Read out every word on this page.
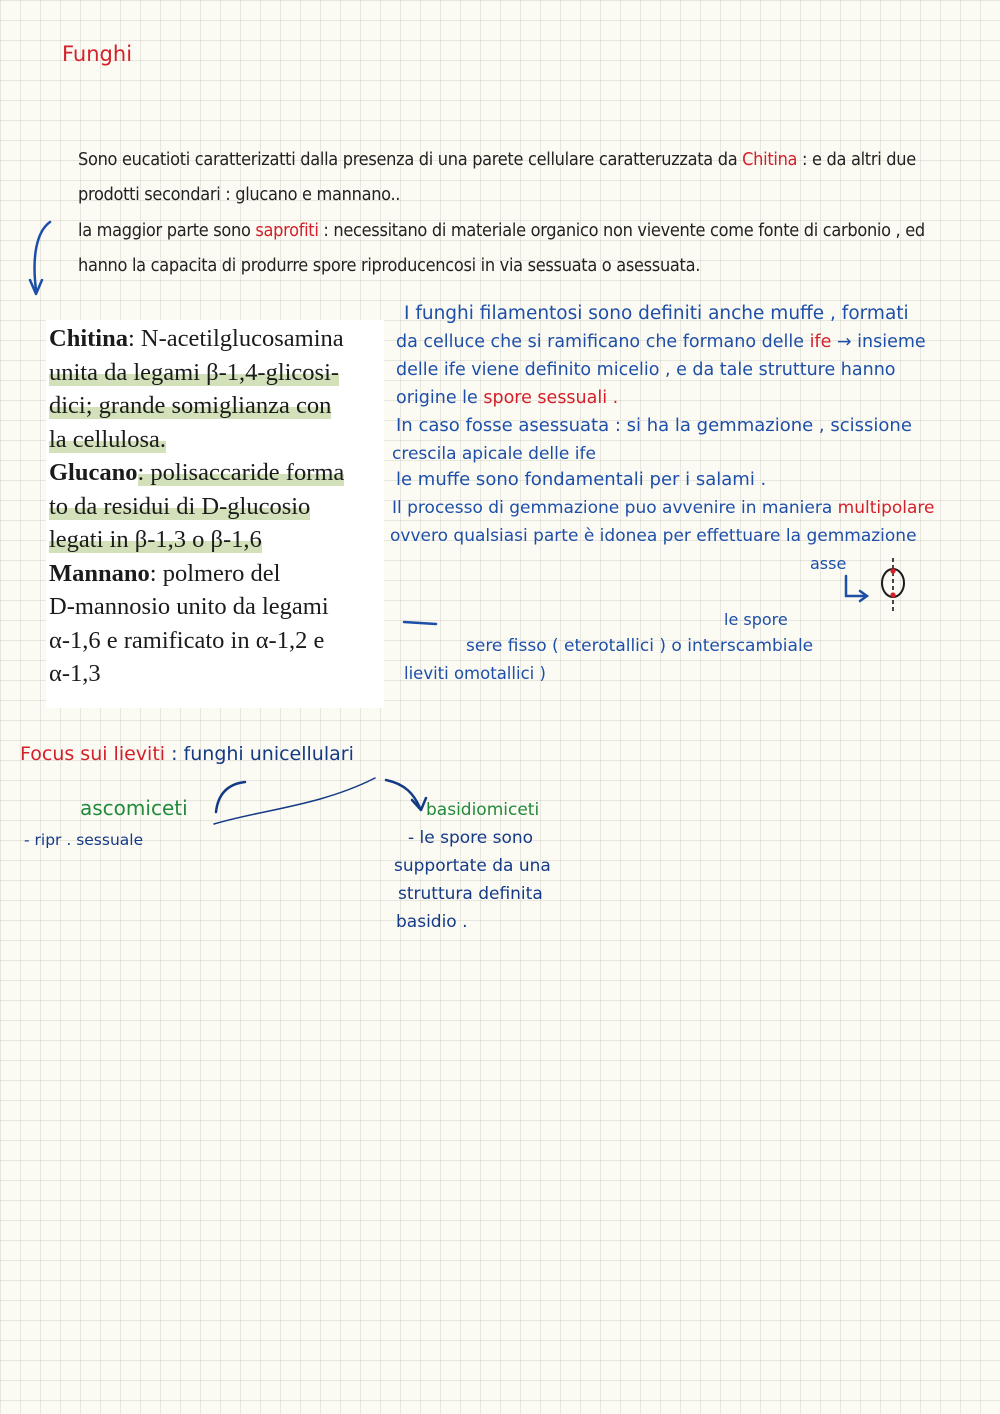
Funghi
Sono eucatioti caratterizatti dalla presenza di una parete cellulare caratteruzzata da Chitina : e da altri due
prodotti secondari : glucano e mannano..
la maggior parte sono saprofiti : necessitano di materiale organico non vievente come fonte di carbonio , ed
hanno la capacita di produrre spore riproducencosi in via sessuata o asessuata.
Chitina: N-acetilglucosamina
unita da legami β-1,4-glicosi-
dici; grande somiglianza con
la cellulosa.
Glucano: polisaccaride forma
to da residui di D-glucosio
legati in β-1,3 o β-1,6
Mannano: polmero del
D-mannosio unito da legami
α-1,6 e ramificato in α-1,2 e
α-1,3
I funghi filamentosi sono definiti anche muffe , formati
da celluce che si ramificano che formano delle ife → insieme
delle ife viene definito micelio , e da tale strutture hanno
origine le spore sessuali .
In caso fosse asessuata : si ha la gemmazione , scissione
crescila apicale delle ife
le muffe sono fondamentali per i salami .
Il processo di gemmazione puo avvenire in maniera multipolare
ovvero qualsiasi parte è idonea per effettuare la gemmazione
asse
le spore
sere fisso ( eterotallici ) o interscambiale
lieviti omotallici )
Focus sui lieviti : funghi unicellulari
ascomiceti
- ripr . sessuale
basidiomiceti
- le spore sono
supportate da una
struttura definita
basidio .
